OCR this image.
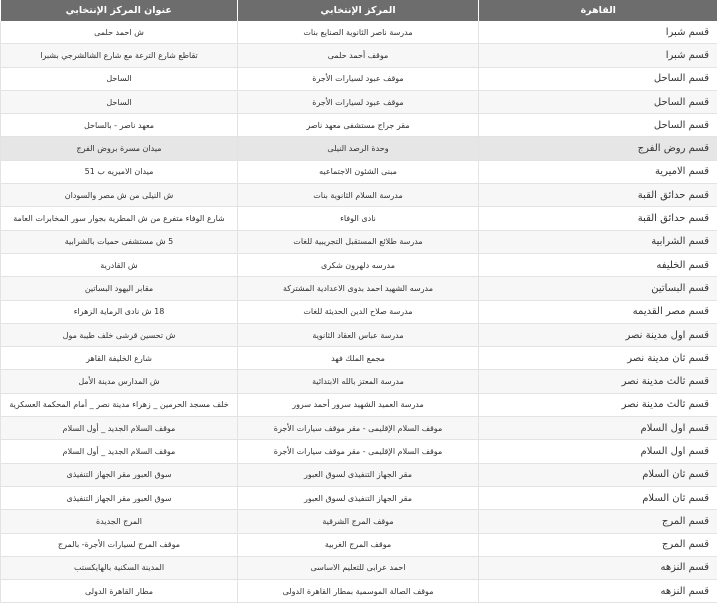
القاهرة	المركز الإنتخابي	عنوان المركز الإنتخابي
قسم شبرا	مدرسة ناصر الثانوية الصنايع بنات	ش احمد حلمى
قسم شبرا	موقف أحمد حلمى	تقاطع شارع الترعة مع شارع الشالشرجي بشبرا
قسم الساحل	موقف عبود لسيارات الأجرة	الساحل
قسم الساحل	موقف عبود لسيارات الأجرة	الساحل
قسم الساحل	مقر جراج مستشفى معهد ناصر	معهد ناصر - بالساحل
قسم روض الفرج	وحدة الرصد النيلى	ميدان مسرة بروض الفرج
قسم الاميرية	مبنى الشئون الاجتماعيه	ميدان الاميريه ب 51
قسم حدائق القبة	مدرسة السلام الثانوية بنات	ش النيلى من ش مصر والسودان
قسم حدائق القبة	نادى الوفاء	شارع الوفاء متفرع من ش المطرية بجوار سور المخابرات العامة
قسم الشرابية	مدرسة طلائع المستقبل التجريبية للغات	5 ش مستشفى حميات بالشرابية
قسم الخليفه	مدرسه دلهرون شكرى	ش القادرية
قسم البساتين	مدرسه الشهيد احمد بدوى الاعدادية المشتركة	مقابر اليهود البساتين
قسم مصر القديمه	مدرسة صلاح الدين الحديثة للغات	18 ش نادى الرماية الزهراء
قسم اول مدينة نصر	مدرسة عباس العقاد الثانوية	ش تحسين قرشى خلف طيبة مول
قسم ثان مدينة نصر	مجمع الملك فهد	شارع الخليفة القاهر
قسم ثالث مدينة نصر	مدرسة المعتز بالله الابتدائية	ش المدارس مدينة الأمل
قسم ثالث مدينة نصر	مدرسة العميد الشهيد سرور أحمد سرور	خلف مسجد الحرمين _ زهراء مدينة نصر _ أمام المحكمة العسكرية
قسم اول السلام	موقف السلام الإقليمى - مقر موقف سيارات الأجرة	موقف السلام الجديد _ أول السلام
قسم اول السلام	موقف السلام الإقليمى - مقر موقف سيارات الأجرة	موقف السلام الجديد _ أول السلام
قسم ثان السلام	مقر الجهاز التنفيذى لسوق العبور	سوق العبور مقر الجهاز التنفيذى
قسم ثان السلام	مقر الجهاز التنفيذى لسوق العبور	سوق العبور مقر الجهاز التنفيذى
قسم المرج	موقف المرج الشرقية	المرج الجديدة
قسم المرج	موقف المرج الغربية	موقف المرج لسيارات الأجرة- بالمرج
قسم النزهه	احمد عرابى للتعليم الاساسى	المدينة السكنية بالهايكستب
قسم النزهه	موقف الصالة الموسمية بمطار القاهرة الدولى	مطار القاهرة الدولى
